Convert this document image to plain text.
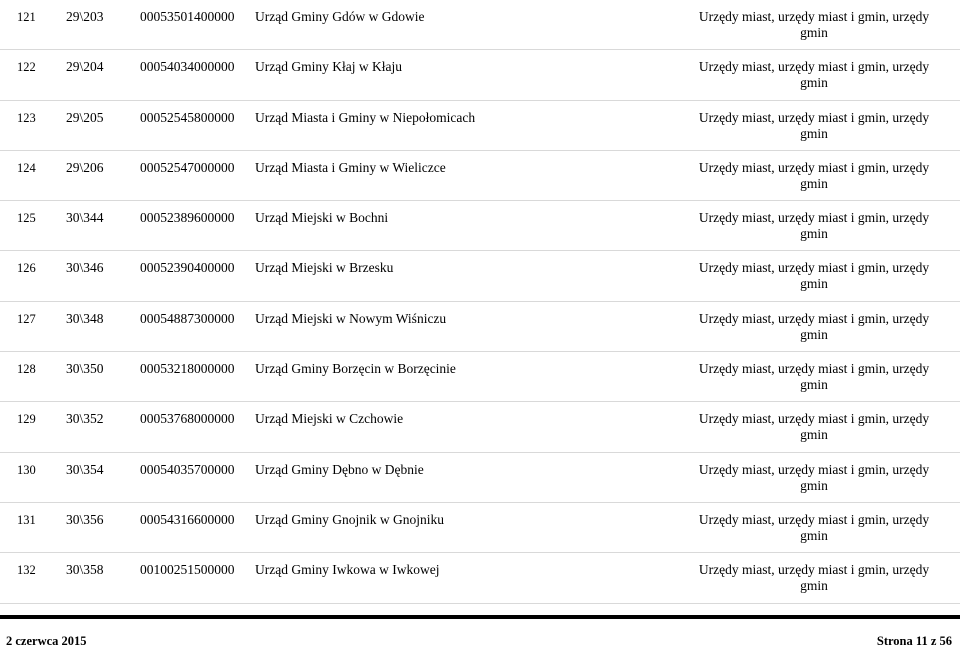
121 29\203	00053501400000 Urząd Gminy Gdów w Gdowie	Urzędy miast, urzędy miast i gmin, urzędy gmin
122 29\204	00054034000000 Urząd Gminy Kłaj w Kłaju	Urzędy miast, urzędy miast i gmin, urzędy gmin
123 29\205	00052545800000 Urząd Miasta i Gminy w Niepołomicach	Urzędy miast, urzędy miast i gmin, urzędy gmin
124 29\206	00052547000000 Urząd Miasta i Gminy w Wieliczce	Urzędy miast, urzędy miast i gmin, urzędy gmin
125 30\344	00052389600000 Urząd Miejski w Bochni	Urzędy miast, urzędy miast i gmin, urzędy gmin
126 30\346	00052390400000 Urząd Miejski w Brzesku	Urzędy miast, urzędy miast i gmin, urzędy gmin
127 30\348	00054887300000 Urząd Miejski w Nowym Wiśniczu	Urzędy miast, urzędy miast i gmin, urzędy gmin
128 30\350	00053218000000 Urząd Gminy Borzęcin w Borzęcinie	Urzędy miast, urzędy miast i gmin, urzędy gmin
129 30\352	00053768000000 Urząd Miejski w Czchowie	Urzędy miast, urzędy miast i gmin, urzędy gmin
130 30\354	00054035700000 Urząd Gminy Dębno w Dębnie	Urzędy miast, urzędy miast i gmin, urzędy gmin
131 30\356	00054316600000 Urząd Gminy Gnojnik w Gnojniku	Urzędy miast, urzędy miast i gmin, urzędy gmin
132 30\358	00100251500000 Urząd Gminy Iwkowa w Iwkowej	Urzędy miast, urzędy miast i gmin, urzędy gmin
2 czerwca 2015	Strona 11 z 56
